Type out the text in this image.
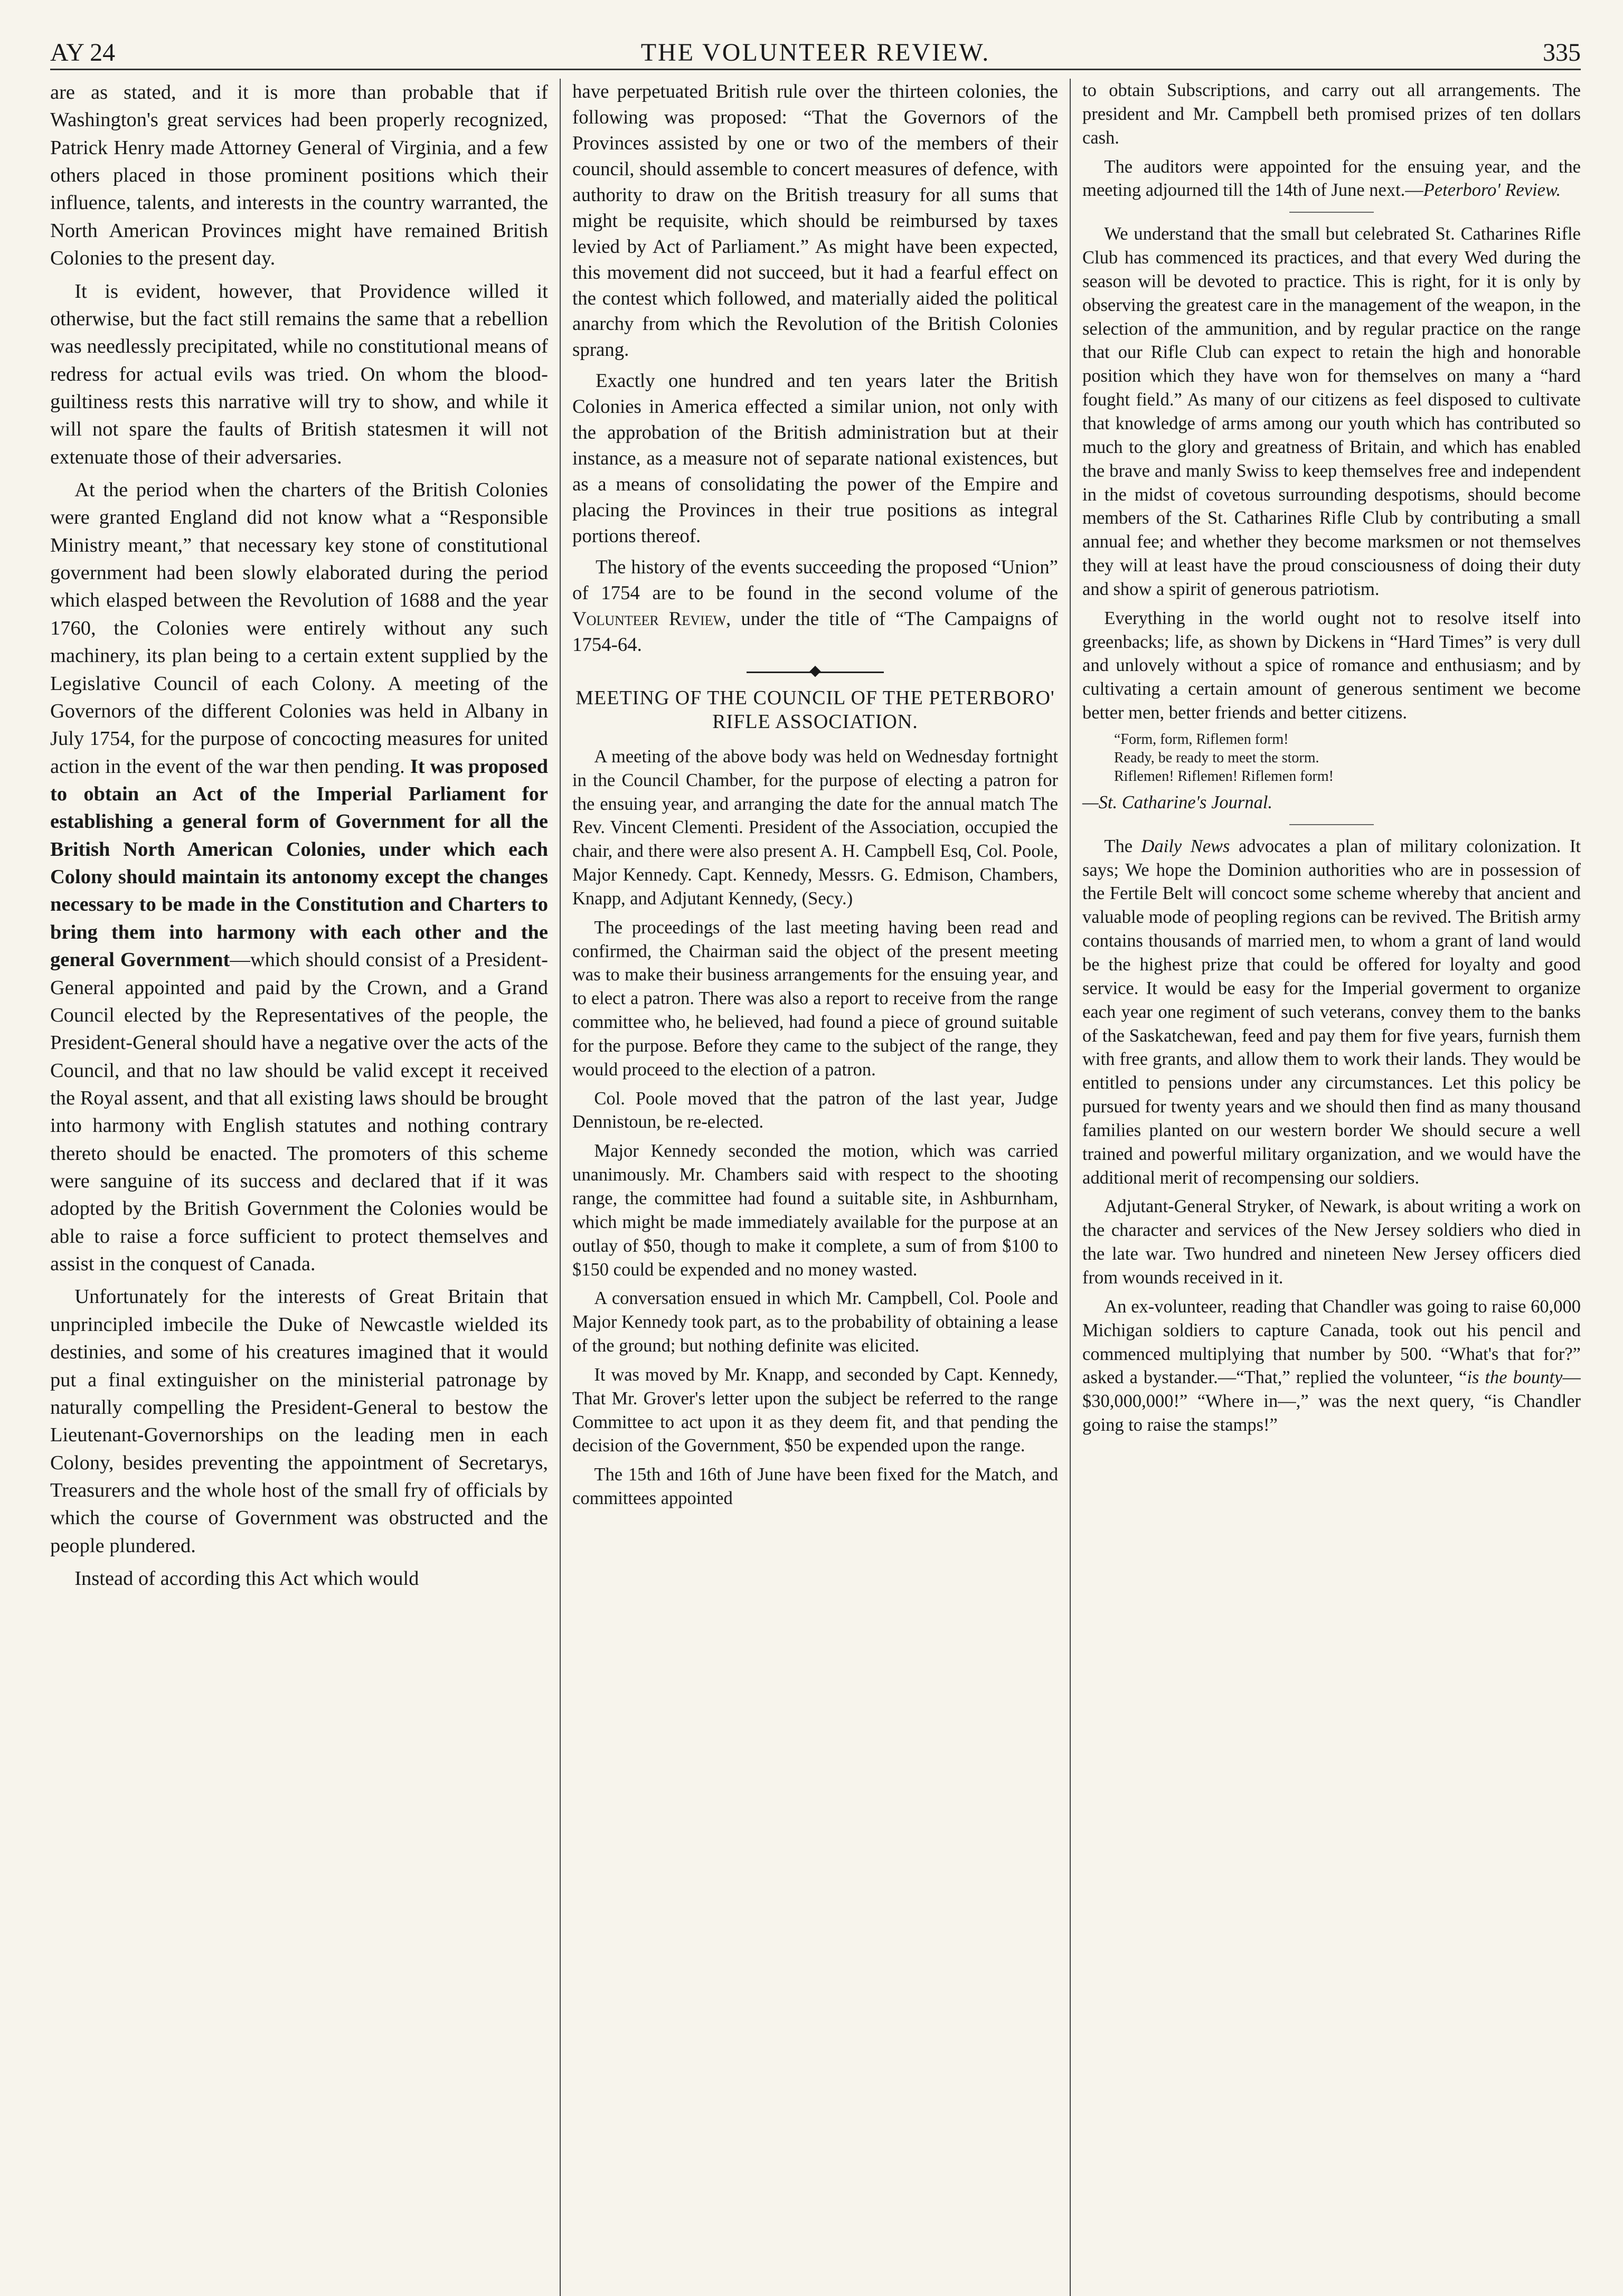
AY 24	THE VOLUNTEER REVIEW.	335

are as stated, and it is more than probable that if Washington's great services had been properly recognized, Patrick Henry made Attorney General of Virginia, and a few others placed in those prominent positions which their influence, talents, and interests in the country warranted, the North American Provinces might have remained British Colonies to the present day.

It is evident, however, that Providence willed it otherwise, but the fact still remains the same that a rebellion was needlessly precipitated, while no constitutional means of redress for actual evils was tried. On whom the blood-guiltiness rests this narrative will try to show, and while it will not spare the faults of British statesmen it will not extenuate those of their adversaries.

At the period when the charters of the British Colonies were granted England did not know what a “Responsible Ministry meant,” that necessary key stone of constitutional government had been slowly elaborated during the period which elasped between the Revolution of 1688 and the year 1760, the Colonies were entirely without any such machinery, its plan being to a certain extent supplied by the Legislative Council of each Colony. A meeting of the Governors of the different Colonies was held in Albany in July 1754, for the purpose of concocting measures for united action in the event of the war then pending. It was proposed to obtain an Act of the Imperial Parliament for establishing a general form of Government for all the British North American Colonies, under which each Colony should maintain its antonomy except the changes necessary to be made in the Constitution and Charters to bring them into harmony with each other and the general Government—which should consist of a President-General appointed and paid by the Crown, and a Grand Council elected by the Representatives of the people, the President-General should have a negative over the acts of the Council, and that no law should be valid except it received the Royal assent, and that all existing laws should be brought into harmony with English statutes and nothing contrary thereto should be enacted. The promoters of this scheme were sanguine of its success and declared that if it was adopted by the British Government the Colonies would be able to raise a force sufficient to protect themselves and assist in the conquest of Canada.

Unfortunately for the interests of Great Britain that unprincipled imbecile the Duke of Newcastle wielded its destinies, and some of his creatures imagined that it would put a final extinguisher on the ministerial patronage by naturally compelling the President-General to bestow the Lieutenant-Governorships on the leading men in each Colony, besides preventing the appointment of Secretarys, Treasurers and the whole host of the small fry of officials by which the course of Government was obstructed and the people plundered.

Instead of according this Act which would

have perpetuated British rule over the thirteen colonies, the following was proposed: “That the Governors of the Provinces assisted by one or two of the members of their council, should assemble to concert measures of defence, with authority to draw on the British treasury for all sums that might be requisite, which should be reimbursed by taxes levied by Act of Parliament.” As might have been expected, this movement did not succeed, but it had a fearful effect on the contest which followed, and materially aided the political anarchy from which the Revolution of the British Colonies sprang.

Exactly one hundred and ten years later the British Colonies in America effected a similar union, not only with the approbation of the British administration but at their instance, as a measure not of separate national existences, but as a means of consolidating the power of the Empire and placing the Provinces in their true positions as integral portions thereof.

The history of the events succeeding the proposed “Union” of 1754 are to be found in the second volume of the Volunteer Review, under the title of “The Campaigns of 1754-64.

◆
MEETING OF THE COUNCIL OF THE PETERBORO' RIFLE ASSOCIATION.

A meeting of the above body was held on Wednesday fortnight in the Council Chamber, for the purpose of electing a patron for the ensuing year, and arranging the date for the annual match The Rev. Vincent Clementi. President of the Association, occupied the chair, and there were also present A. H. Campbell Esq, Col. Poole, Major Kennedy. Capt. Kennedy, Messrs. G. Edmison, Chambers, Knapp, and Adjutant Kennedy, (Secy.)

The proceedings of the last meeting having been read and confirmed, the Chairman said the object of the present meeting was to make their business arrangements for the ensuing year, and to elect a patron. There was also a report to receive from the range committee who, he believed, had found a piece of ground suitable for the purpose. Before they came to the subject of the range, they would proceed to the election of a patron.

Col. Poole moved that the patron of the last year, Judge Dennistoun, be re-elected.

Major Kennedy seconded the motion, which was carried unanimously. Mr. Chambers said with respect to the shooting range, the committee had found a suitable site, in Ashburnham, which might be made immediately available for the purpose at an outlay of $50, though to make it complete, a sum of from $100 to $150 could be expended and no money wasted.

A conversation ensued in which Mr. Campbell, Col. Poole and Major Kennedy took part, as to the probability of obtaining a lease of the ground; but nothing definite was elicited.

It was moved by Mr. Knapp, and seconded by Capt. Kennedy, That Mr. Grover's letter upon the subject be referred to the range Committee to act upon it as they deem fit, and that pending the decision of the Government, $50 be expended upon the range.

The 15th and 16th of June have been fixed for the Match, and committees appointed

to obtain Subscriptions, and carry out all arrangements. The president and Mr. Campbell beth promised prizes of ten dollars cash.

The auditors were appointed for the ensuing year, and the meeting adjourned till the 14th of June next.—Peterboro' Review.

We understand that the small but celebrated St. Catharines Rifle Club has commenced its practices, and that every Wed during the season will be devoted to practice. This is right, for it is only by observing the greatest care in the management of the weapon, in the selection of the ammunition, and by regular practice on the range that our Rifle Club can expect to retain the high and honorable position which they have won for themselves on many a “hard fought field.” As many of our citizens as feel disposed to cultivate that knowledge of arms among our youth which has contributed so much to the glory and greatness of Britain, and which has enabled the brave and manly Swiss to keep themselves free and independent in the midst of covetous surrounding despotisms, should become members of the St. Catharines Rifle Club by contributing a small annual fee; and whether they become marksmen or not themselves they will at least have the proud consciousness of doing their duty and show a spirit of generous patriotism.

Everything in the world ought not to resolve itself into greenbacks; life, as shown by Dickens in “Hard Times” is very dull and unlovely without a spice of romance and enthusiasm; and by cultivating a certain amount of generous sentiment we become better men, better friends and better citizens.

“Form, form, Riflemen form!
Ready, be ready to meet the storm.
Riflemen! Riflemen! Riflemen form!

—St. Catharine's Journal.

The Daily News advocates a plan of military colonization. It says; We hope the Dominion authorities who are in possession of the Fertile Belt will concoct some scheme whereby that ancient and valuable mode of peopling regions can be revived. The British army contains thousands of married men, to whom a grant of land would be the highest prize that could be offered for loyalty and good service. It would be easy for the Imperial goverment to organize each year one regiment of such veterans, convey them to the banks of the Saskatchewan, feed and pay them for five years, furnish them with free grants, and allow them to work their lands. They would be entitled to pensions under any circumstances. Let this policy be pursued for twenty years and we should then find as many thousand families planted on our western border We should secure a well trained and powerful military organization, and we would have the additional merit of recompensing our soldiers.

Adjutant-General Stryker, of Newark, is about writing a work on the character and services of the New Jersey soldiers who died in the late war. Two hundred and nineteen New Jersey officers died from wounds received in it.

An ex-volunteer, reading that Chandler was going to raise 60,000 Michigan soldiers to capture Canada, took out his pencil and commenced multiplying that number by 500. “What's that for?” asked a bystander.—“That,” replied the volunteer, “is the bounty—$30,000,000!” “Where in—,” was the next query, “is Chandler going to raise the stamps!”
